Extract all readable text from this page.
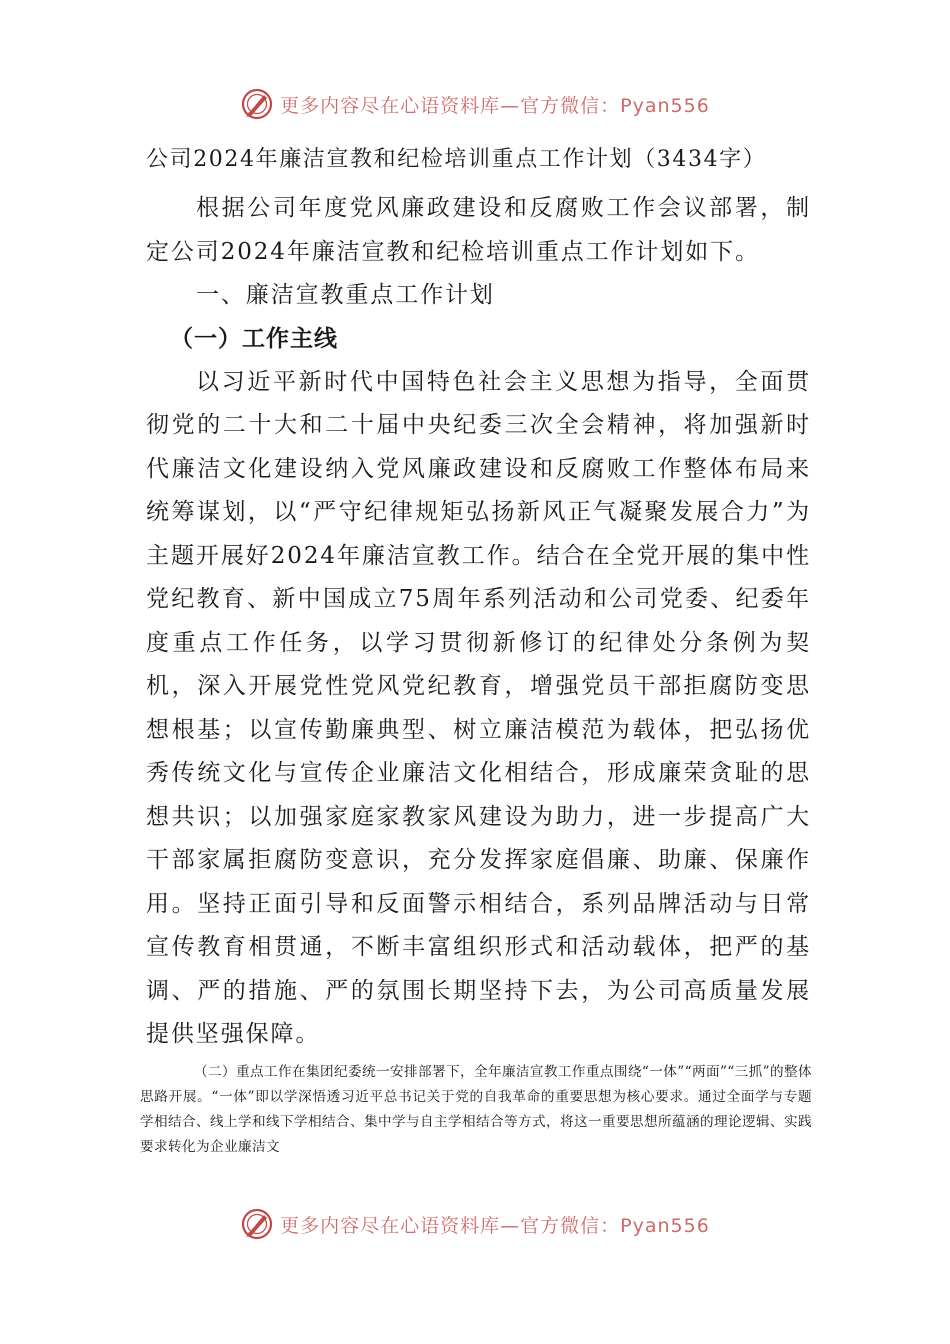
更多内容尽在心语资料库—官方微信：Pyan556

公司2024年廉洁宣教和纪检培训重点工作计划（3434字）

根据公司年度党风廉政建设和反腐败工作会议部署，制定公司2024年廉洁宣教和纪检培训重点工作计划如下。

一、廉洁宣教重点工作计划

（一）工作主线

以习近平新时代中国特色社会主义思想为指导，全面贯彻党的二十大和二十届中央纪委三次全会精神，将加强新时代廉洁文化建设纳入党风廉政建设和反腐败工作整体布局来统筹谋划，以“严守纪律规矩弘扬新风正气凝聚发展合力”为主题开展好2024年廉洁宣教工作。结合在全党开展的集中性党纪教育、新中国成立75周年系列活动和公司党委、纪委年度重点工作任务，以学习贯彻新修订的纪律处分条例为契机，深入开展党性党风党纪教育，增强党员干部拒腐防变思想根基；以宣传勤廉典型、树立廉洁模范为载体，把弘扬优秀传统文化与宣传企业廉洁文化相结合，形成廉荣贪耻的思想共识；以加强家庭家教家风建设为助力，进一步提高广大干部家属拒腐防变意识，充分发挥家庭倡廉、助廉、保廉作用。坚持正面引导和反面警示相结合，系列品牌活动与日常宣传教育相贯通，不断丰富组织形式和活动载体，把严的基调、严的措施、严的氛围长期坚持下去，为公司高质量发展提供坚强保障。

（二）重点工作在集团纪委统一安排部署下，全年廉洁宣教工作重点围绕“一体”“两面”“三抓”的整体思路开展。“一体”即以学深悟透习近平总书记关于党的自我革命的重要思想为核心要求。通过全面学与专题学相结合、线上学和线下学相结合、集中学与自主学相结合等方式，将这一重要思想所蕴涵的理论逻辑、实践要求转化为企业廉洁文

更多内容尽在心语资料库—官方微信：Pyan556
